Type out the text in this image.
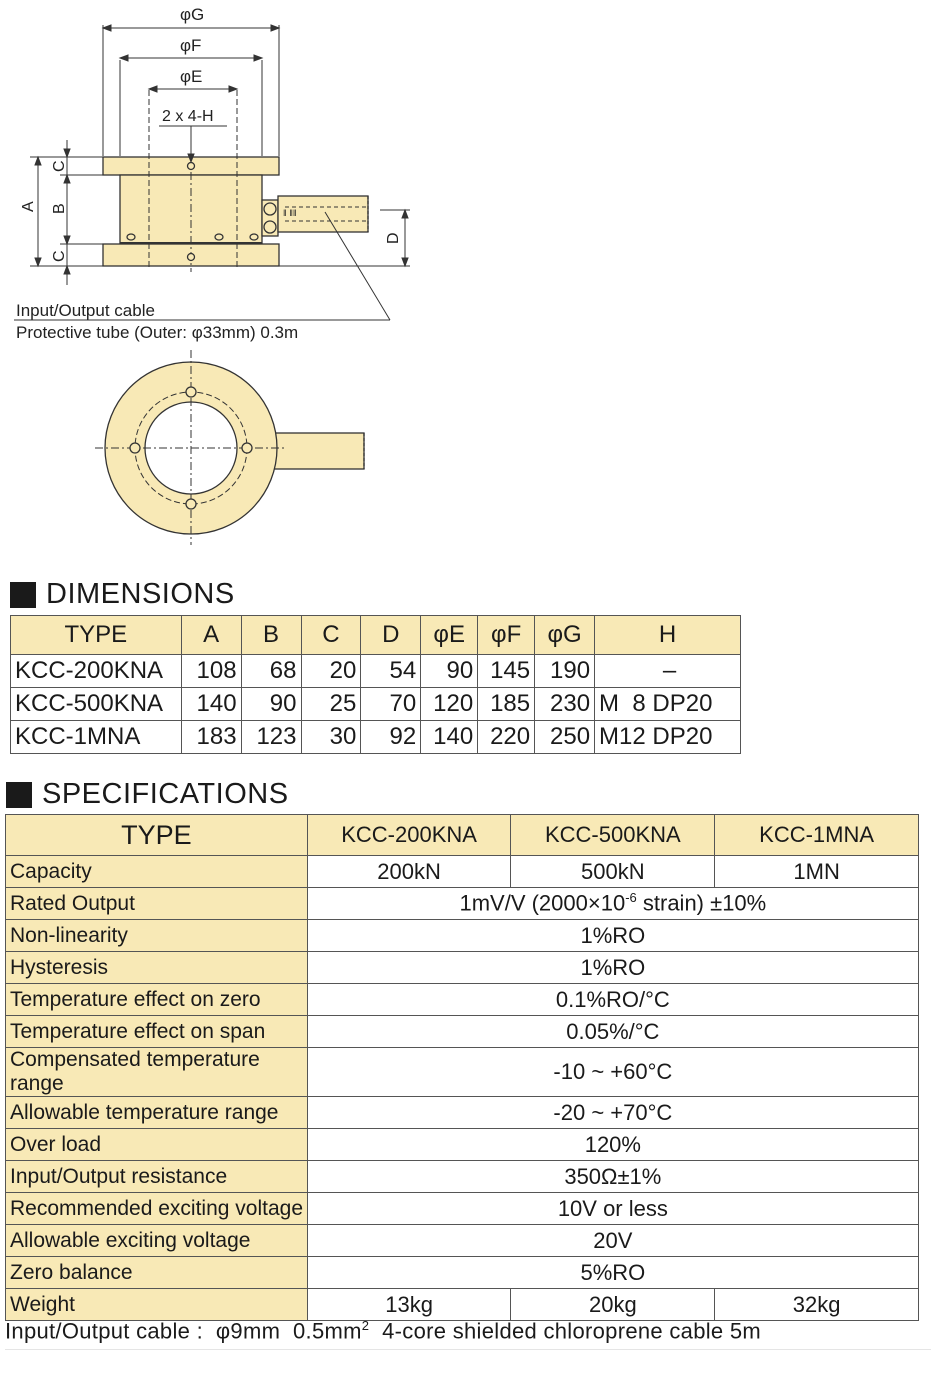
‖ ‖‖
φG
φF
φE
2 x 4-H
A B
C
C
D
Input/Output cable
Protective tube (Outer: φ33mm) 0.3m
DIMENSIONS
TYPE	A	B	C	D	φE	φF	φG	H
KCC-200KNA	108	68	20	54	90	145	190	–
KCC-500KNA	140	90	25	70	120	185	230	M  8 DP20
KCC-1MNA	183	123	30	92	140	220	250	M12 DP20
SPECIFICATIONS
TYPE	KCC-200KNA	KCC-500KNA	KCC-1MNA
Capacity	200kN	500kN	1MN
Rated Output	1mV/V ($2000\times 10^{-6}$ strain) ±10%		
Non-linearity	1%RO		
Hysteresis	1%RO		
Temperature effect on zero	0.1%RO/°C		
Temperature effect on span	0.05%/°C		
Compensated temperature range	-10 ~ +60°C		
Allowable temperature range	-20 ~ +70°C		
Over load	120%		
Input/Output resistance	350Ω±1%		
Recommended exciting voltage	10V or less		
Allowable exciting voltage	20V		
Zero balance	5%RO		
Weight	13kg	20kg	32kg
Input/Output cable :  φ9mm  $0.5mm^2$  4-core shielded chloroprene cable 5m
